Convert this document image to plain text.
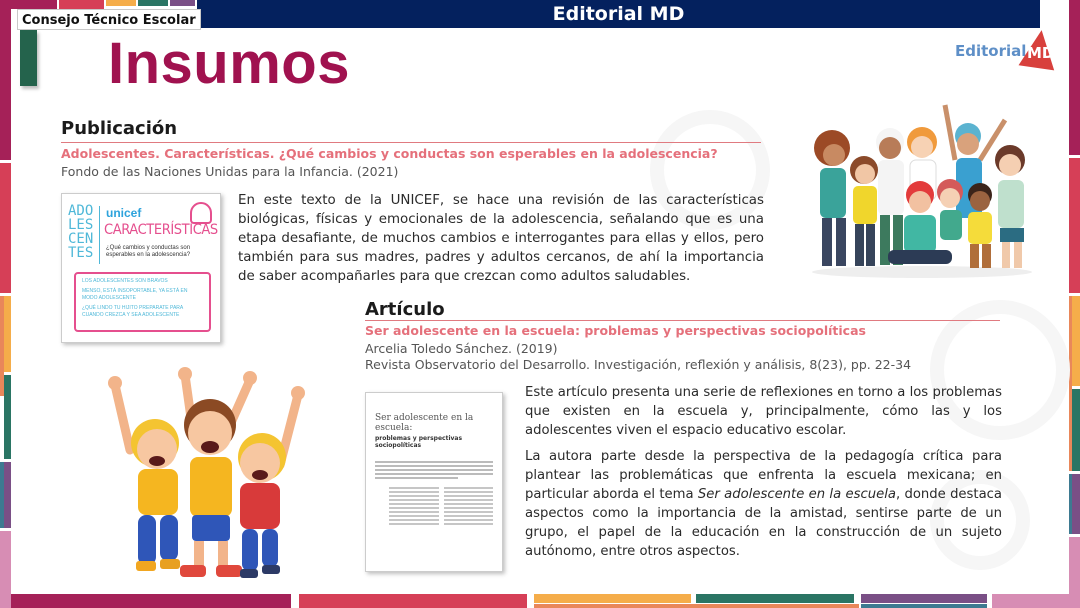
Editorial MD
Consejo Técnico Escolar
Insumos	Editorial MD
Publicación
Adolescentes. Características. ¿Qué cambios y conductas son esperables en la adolescencia?
Fondo de las Naciones Unidas para la Infancia. (2021)
ADO LES CEN TES
unicef
CARACTERÍSTICAS
¿Qué cambios y conductas son esperables en la adolescencia?
LOS ADOLESCENTES SON BRAVOS
MENSO, ESTÁ INSOPORTABLE, YA ESTÁ EN MODO ADOLESCENTE
¿QUÉ LINDO TU HIJITO PREPARATE PARA CUANDO CREZCA Y SEA ADOLESCENTE

En este texto de la UNICEF, se hace una revisión de las características biológicas, físicas y emocionales de la adolescencia, señalando que es una etapa desafiante, de muchos cambios e interrogantes para ellas y ellos, pero también para sus madres, padres y adultos cercanos, de ahí la importancia de saber acompañarles para que crezcan como adultos saludables.

Artículo
Ser adolescente en la escuela: problemas y perspectivas sociopolíticas
Arcelia Toledo Sánchez. (2019)
Revista Observatorio del Desarrollo. Investigación, reflexión y análisis, 8(23), pp. 22-34
Ser adolescente en la escuela:
problemas y perspectivas sociopolíticas

Este artículo presenta una serie de reflexiones en torno a los problemas que existen en la escuela y, principalmente, cómo las y los adolescentes viven el espacio educativo escolar.

La autora parte desde la perspectiva de la pedagogía crítica para plantear las problemáticas que enfrenta la escuela mexicana; en particular aborda el tema Ser adolescente en la escuela, donde destaca aspectos como la importancia de la amistad, sentirse parte de un grupo, el papel de la educación en la construcción de un sujeto autónomo, entre otros aspectos.
